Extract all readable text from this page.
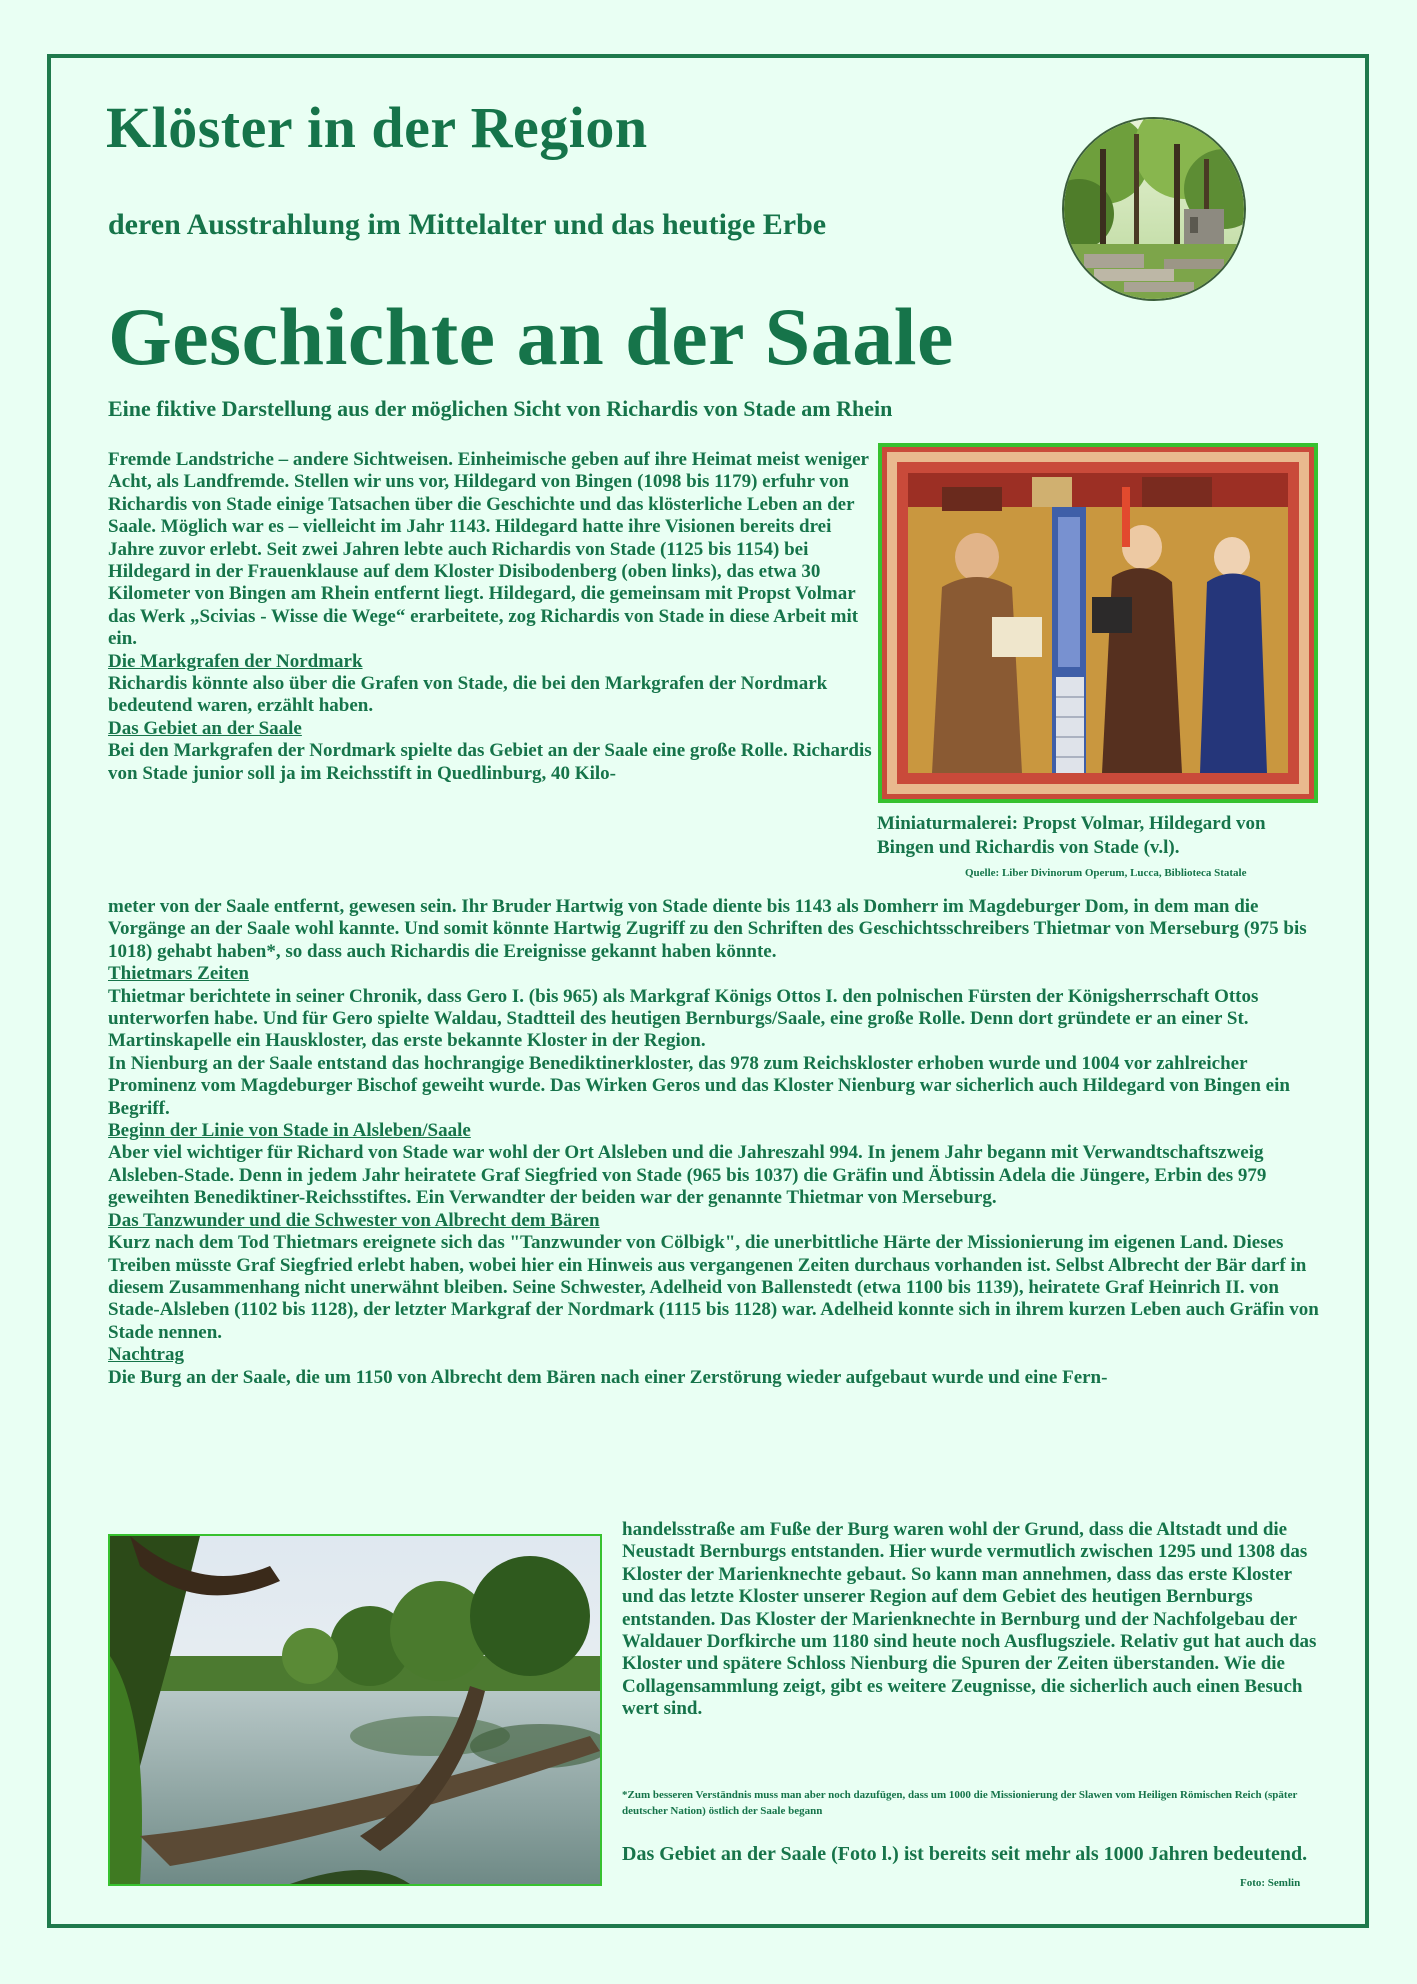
Klöster in der Region
deren Ausstrahlung im Mittelalter und das heutige Erbe
Geschichte an der Saale

Eine fiktive Darstellung aus der möglichen Sicht von Richardis von Stade am Rhein

Miniaturmalerei: Propst Volmar, Hildegard von Bingen und Richardis von Stade (v.l).
Quelle: Liber Divinorum Operum, Lucca, Biblioteca Statale

Fremde Landstriche – andere Sichtweisen. Einheimische geben auf ihre Heimat meist weniger Acht, als Landfremde. Stellen wir uns vor, Hildegard von Bingen (1098 bis 1179) erfuhr von Richardis von Stade einige Tatsachen über die Geschichte und das klösterliche Leben an der Saale. Möglich war es – vielleicht im Jahr 1143. Hildegard hatte ihre Visionen bereits drei Jahre zuvor erlebt. Seit zwei Jahren lebte auch Richardis von Stade (1125 bis 1154) bei Hildegard in der Frauenklause auf dem Kloster Disibodenberg (oben links), das etwa 30 Kilometer von Bingen am Rhein entfernt liegt. Hildegard, die gemeinsam mit Propst Volmar das Werk „Scivias - Wisse die Wege“ erarbeitete, zog Richardis von Stade in diese Arbeit mit ein.

Die Markgrafen der Nordmark

Richardis könnte also über die Grafen von Stade, die bei den Markgrafen der Nordmark bedeutend waren, erzählt haben.

Das Gebiet an der Saale

Bei den Markgrafen der Nordmark spielte das Gebiet an der Saale eine große Rolle. Richardis von Stade junior soll ja im Reichsstift in Quedlinburg, 40 Kilo-

meter von der Saale entfernt, gewesen sein. Ihr Bruder Hartwig von Stade diente bis 1143 als Domherr im Magdeburger Dom, in dem man die Vorgänge an der Saale wohl kannte. Und somit könnte Hartwig Zugriff zu den Schriften des Geschichtsschreibers Thietmar von Merseburg (975 bis 1018) gehabt haben*, so dass auch Richardis die Ereignisse gekannt haben könnte.

Thietmars Zeiten

Thietmar berichtete in seiner Chronik, dass Gero I. (bis 965) als Markgraf Königs Ottos I. den polnischen Fürsten der Königsherrschaft Ottos unterworfen habe. Und für Gero spielte Waldau, Stadtteil des heutigen Bernburgs/Saale, eine große Rolle. Denn dort gründete er an einer St. Martinskapelle ein Hauskloster, das erste bekannte Kloster in der Region.

In Nienburg an der Saale entstand das hochrangige Benediktinerkloster, das 978 zum Reichskloster erhoben wurde und 1004 vor zahlreicher Prominenz vom Magdeburger Bischof geweiht wurde. Das Wirken Geros und das Kloster Nienburg war sicherlich auch Hildegard von Bingen ein Begriff.

Beginn der Linie von Stade in Alsleben/Saale

Aber viel wichtiger für Richard von Stade war wohl der Ort Alsleben und die Jahreszahl 994. In jenem Jahr begann mit Verwandtschaftszweig Alsleben-Stade. Denn in jedem Jahr heiratete Graf Siegfried von Stade (965 bis 1037) die Gräfin und Äbtissin Adela die Jüngere, Erbin des 979 geweihten Benediktiner-Reichsstiftes. Ein Verwandter der beiden war der genannte Thietmar von Merseburg.

Das Tanzwunder und die Schwester von Albrecht dem Bären

Kurz nach dem Tod Thietmars ereignete sich das "Tanzwunder von Cölbigk", die unerbittliche Härte der Missionierung im eigenen Land. Dieses Treiben müsste Graf Siegfried erlebt haben, wobei hier ein Hinweis aus vergangenen Zeiten durchaus vorhanden ist. Selbst Albrecht der Bär darf in diesem Zusammenhang nicht unerwähnt bleiben. Seine Schwester, Adelheid von Ballenstedt (etwa 1100 bis 1139), heiratete Graf Heinrich II. von Stade-Alsleben (1102 bis 1128), der letzter Markgraf der Nordmark (1115 bis 1128) war. Adelheid konnte sich in ihrem kurzen Leben auch Gräfin von Stade nennen.

Nachtrag

Die Burg an der Saale, die um 1150 von Albrecht dem Bären nach einer Zerstörung wieder aufgebaut wurde und eine Fern-

handelsstraße am Fuße der Burg waren wohl der Grund, dass die Altstadt und die Neustadt Bernburgs entstanden. Hier wurde vermutlich zwischen 1295 und 1308 das Kloster der Marienknechte gebaut. So kann man annehmen, dass das erste Kloster und das letzte Kloster unserer Region auf dem Gebiet des heutigen Bernburgs entstanden. Das Kloster der Marienknechte in Bernburg und der Nachfolgebau der Waldauer Dorfkirche um 1180 sind heute noch Ausflugsziele. Relativ gut hat auch das Kloster und spätere Schloss Nienburg die Spuren der Zeiten überstanden. Wie die Collagensammlung zeigt, gibt es weitere Zeugnisse, die sicherlich auch einen Besuch wert sind.

*Zum besseren Verständnis muss man aber noch dazufügen, dass um 1000 die Missionierung der Slawen vom Heiligen Römischen Reich (später deutscher Nation) östlich der Saale begann
Das Gebiet an der Saale (Foto l.) ist bereits seit mehr als 1000 Jahren bedeutend.
Foto: Semlin
